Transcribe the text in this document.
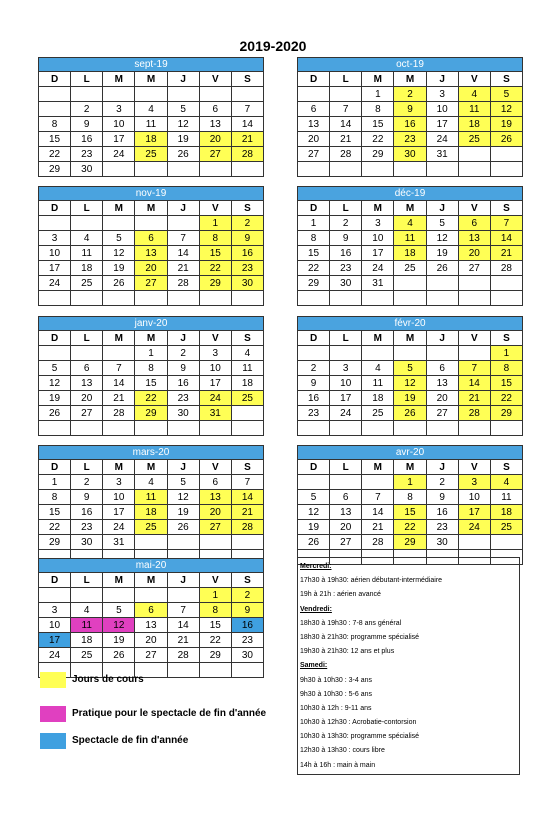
2019-2020
sept-19						
D	L	M	M	J	V	S

	2	3	4	5	6	7
8	9	10	11	12	13	14
15	16	17	18	19	20	21
22	23	24	25	26	27	28
29	30					
oct-19						
D	L	M	M	J	V	S
		1	2	3	4	5
6	7	8	9	10	11	12
13	14	15	16	17	18	19
20	21	22	23	24	25	26
27	28	29	30	31		

nov-19						
D	L	M	M	J	V	S
					1	2
3	4	5	6	7	8	9
10	11	12	13	14	15	16
17	18	19	20	21	22	23
24	25	26	27	28	29	30

déc-19						
D	L	M	M	J	V	S
1	2	3	4	5	6	7
8	9	10	11	12	13	14
15	16	17	18	19	20	21
22	23	24	25	26	27	28
29	30	31				

janv-20						
D	L	M	M	J	V	S
			1	2	3	4
5	6	7	8	9	10	11
12	13	14	15	16	17	18
19	20	21	22	23	24	25
26	27	28	29	30	31	

févr-20						
D	L	M	M	J	V	S
						1
2	3	4	5	6	7	8
9	10	11	12	13	14	15
16	17	18	19	20	21	22
23	24	25	26	27	28	29

mars-20						
D	L	M	M	J	V	S
1	2	3	4	5	6	7
8	9	10	11	12	13	14
15	16	17	18	19	20	21
22	23	24	25	26	27	28
29	30	31				

avr-20						
D	L	M	M	J	V	S
			1	2	3	4
5	6	7	8	9	10	11
12	13	14	15	16	17	18
19	20	21	22	23	24	25
26	27	28	29	30		

mai-20						
D	L	M	M	J	V	S
					1	2
3	4	5	6	7	8	9
10	11	12	13	14	15	16
17	18	19	20	21	22	23
24	25	26	27	28	29	30

Jours de cours
Pratique pour le spectacle de fin d'année
Spectacle de fin d'année
Mercredi:
17h30 à 19h30: aérien débutant-intermédiaire
19h à 21h : aérien avancé
Vendredi:
18h30 à 19h30 : 7-8 ans général
18h30 à 21h30: programme spécialisé
19h30 à 21h30: 12 ans et plus
Samedi:
9h30 à 10h30 : 3-4 ans
9h30 à 10h30 : 5-6 ans
10h30 à 12h : 9-11 ans
10h30 à 12h30 : Acrobatie-contorsion
10h30 à 13h30: programme spécialisé
12h30 à 13h30 : cours libre
14h à 16h : main à main
